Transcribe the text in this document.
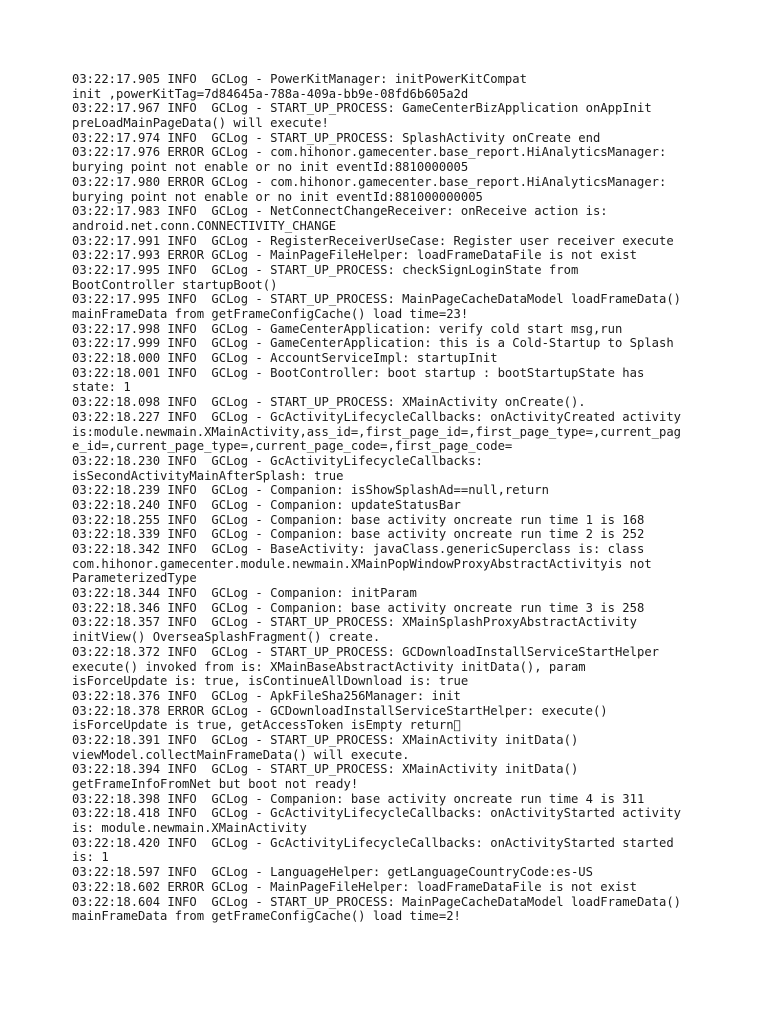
03:22:17.905 INFO  GCLog - PowerKitManager: initPowerKitCompat
init ,powerKitTag=7d84645a-788a-409a-bb9e-08fd6b605a2d
03:22:17.967 INFO  GCLog - START_UP_PROCESS: GameCenterBizApplication onAppInit
preLoadMainPageData() will execute!
03:22:17.974 INFO  GCLog - START_UP_PROCESS: SplashActivity onCreate end
03:22:17.976 ERROR GCLog - com.hihonor.gamecenter.base_report.HiAnalyticsManager:
burying point not enable or no init eventId:8810000005
03:22:17.980 ERROR GCLog - com.hihonor.gamecenter.base_report.HiAnalyticsManager:
burying point not enable or no init eventId:881000000005
03:22:17.983 INFO  GCLog - NetConnectChangeReceiver: onReceive action is:
android.net.conn.CONNECTIVITY_CHANGE
03:22:17.991 INFO  GCLog - RegisterReceiverUseCase: Register user receiver execute
03:22:17.993 ERROR GCLog - MainPageFileHelper: loadFrameDataFile is not exist
03:22:17.995 INFO  GCLog - START_UP_PROCESS: checkSignLoginState from
BootController startupBoot()
03:22:17.995 INFO  GCLog - START_UP_PROCESS: MainPageCacheDataModel loadFrameData()
mainFrameData from getFrameConfigCache() load time=23!
03:22:17.998 INFO  GCLog - GameCenterApplication: verify cold start msg,run
03:22:17.999 INFO  GCLog - GameCenterApplication: this is a Cold-Startup to Splash
03:22:18.000 INFO  GCLog - AccountServiceImpl: startupInit
03:22:18.001 INFO  GCLog - BootController: boot startup : bootStartupState has
state: 1
03:22:18.098 INFO  GCLog - START_UP_PROCESS: XMainActivity onCreate().
03:22:18.227 INFO  GCLog - GcActivityLifecycleCallbacks: onActivityCreated activity
is:module.newmain.XMainActivity,ass_id=,first_page_id=,first_page_type=,current_pag
e_id=,current_page_type=,current_page_code=,first_page_code=
03:22:18.230 INFO  GCLog - GcActivityLifecycleCallbacks:
isSecondActivityMainAfterSplash: true
03:22:18.239 INFO  GCLog - Companion: isShowSplashAd==null,return
03:22:18.240 INFO  GCLog - Companion: updateStatusBar
03:22:18.255 INFO  GCLog - Companion: base activity oncreate run time 1 is 168
03:22:18.339 INFO  GCLog - Companion: base activity oncreate run time 2 is 252
03:22:18.342 INFO  GCLog - BaseActivity: javaClass.genericSuperclass is: class
com.hihonor.gamecenter.module.newmain.XMainPopWindowProxyAbstractActivityis not
ParameterizedType
03:22:18.344 INFO  GCLog - Companion: initParam
03:22:18.346 INFO  GCLog - Companion: base activity oncreate run time 3 is 258
03:22:18.357 INFO  GCLog - START_UP_PROCESS: XMainSplashProxyAbstractActivity
initView() OverseaSplashFragment() create.
03:22:18.372 INFO  GCLog - START_UP_PROCESS: GCDownloadInstallServiceStartHelper
execute() invoked from is: XMainBaseAbstractActivity initData(), param
isForceUpdate is: true, isContinueAllDownload is: true
03:22:18.376 INFO  GCLog - ApkFileSha256Manager: init
03:22:18.378 ERROR GCLog - GCDownloadInstallServiceStartHelper: execute()
isForceUpdate is true, getAccessToken isEmpty return 
03:22:18.391 INFO  GCLog - START_UP_PROCESS: XMainActivity initData()
viewModel.collectMainFrameData() will execute.
03:22:18.394 INFO  GCLog - START_UP_PROCESS: XMainActivity initData()
getFrameInfoFromNet but boot not ready!
03:22:18.398 INFO  GCLog - Companion: base activity oncreate run time 4 is 311
03:22:18.418 INFO  GCLog - GcActivityLifecycleCallbacks: onActivityStarted activity
is: module.newmain.XMainActivity
03:22:18.420 INFO  GCLog - GcActivityLifecycleCallbacks: onActivityStarted started
is: 1
03:22:18.597 INFO  GCLog - LanguageHelper: getLanguageCountryCode:es-US
03:22:18.602 ERROR GCLog - MainPageFileHelper: loadFrameDataFile is not exist
03:22:18.604 INFO  GCLog - START_UP_PROCESS: MainPageCacheDataModel loadFrameData()
mainFrameData from getFrameConfigCache() load time=2!
